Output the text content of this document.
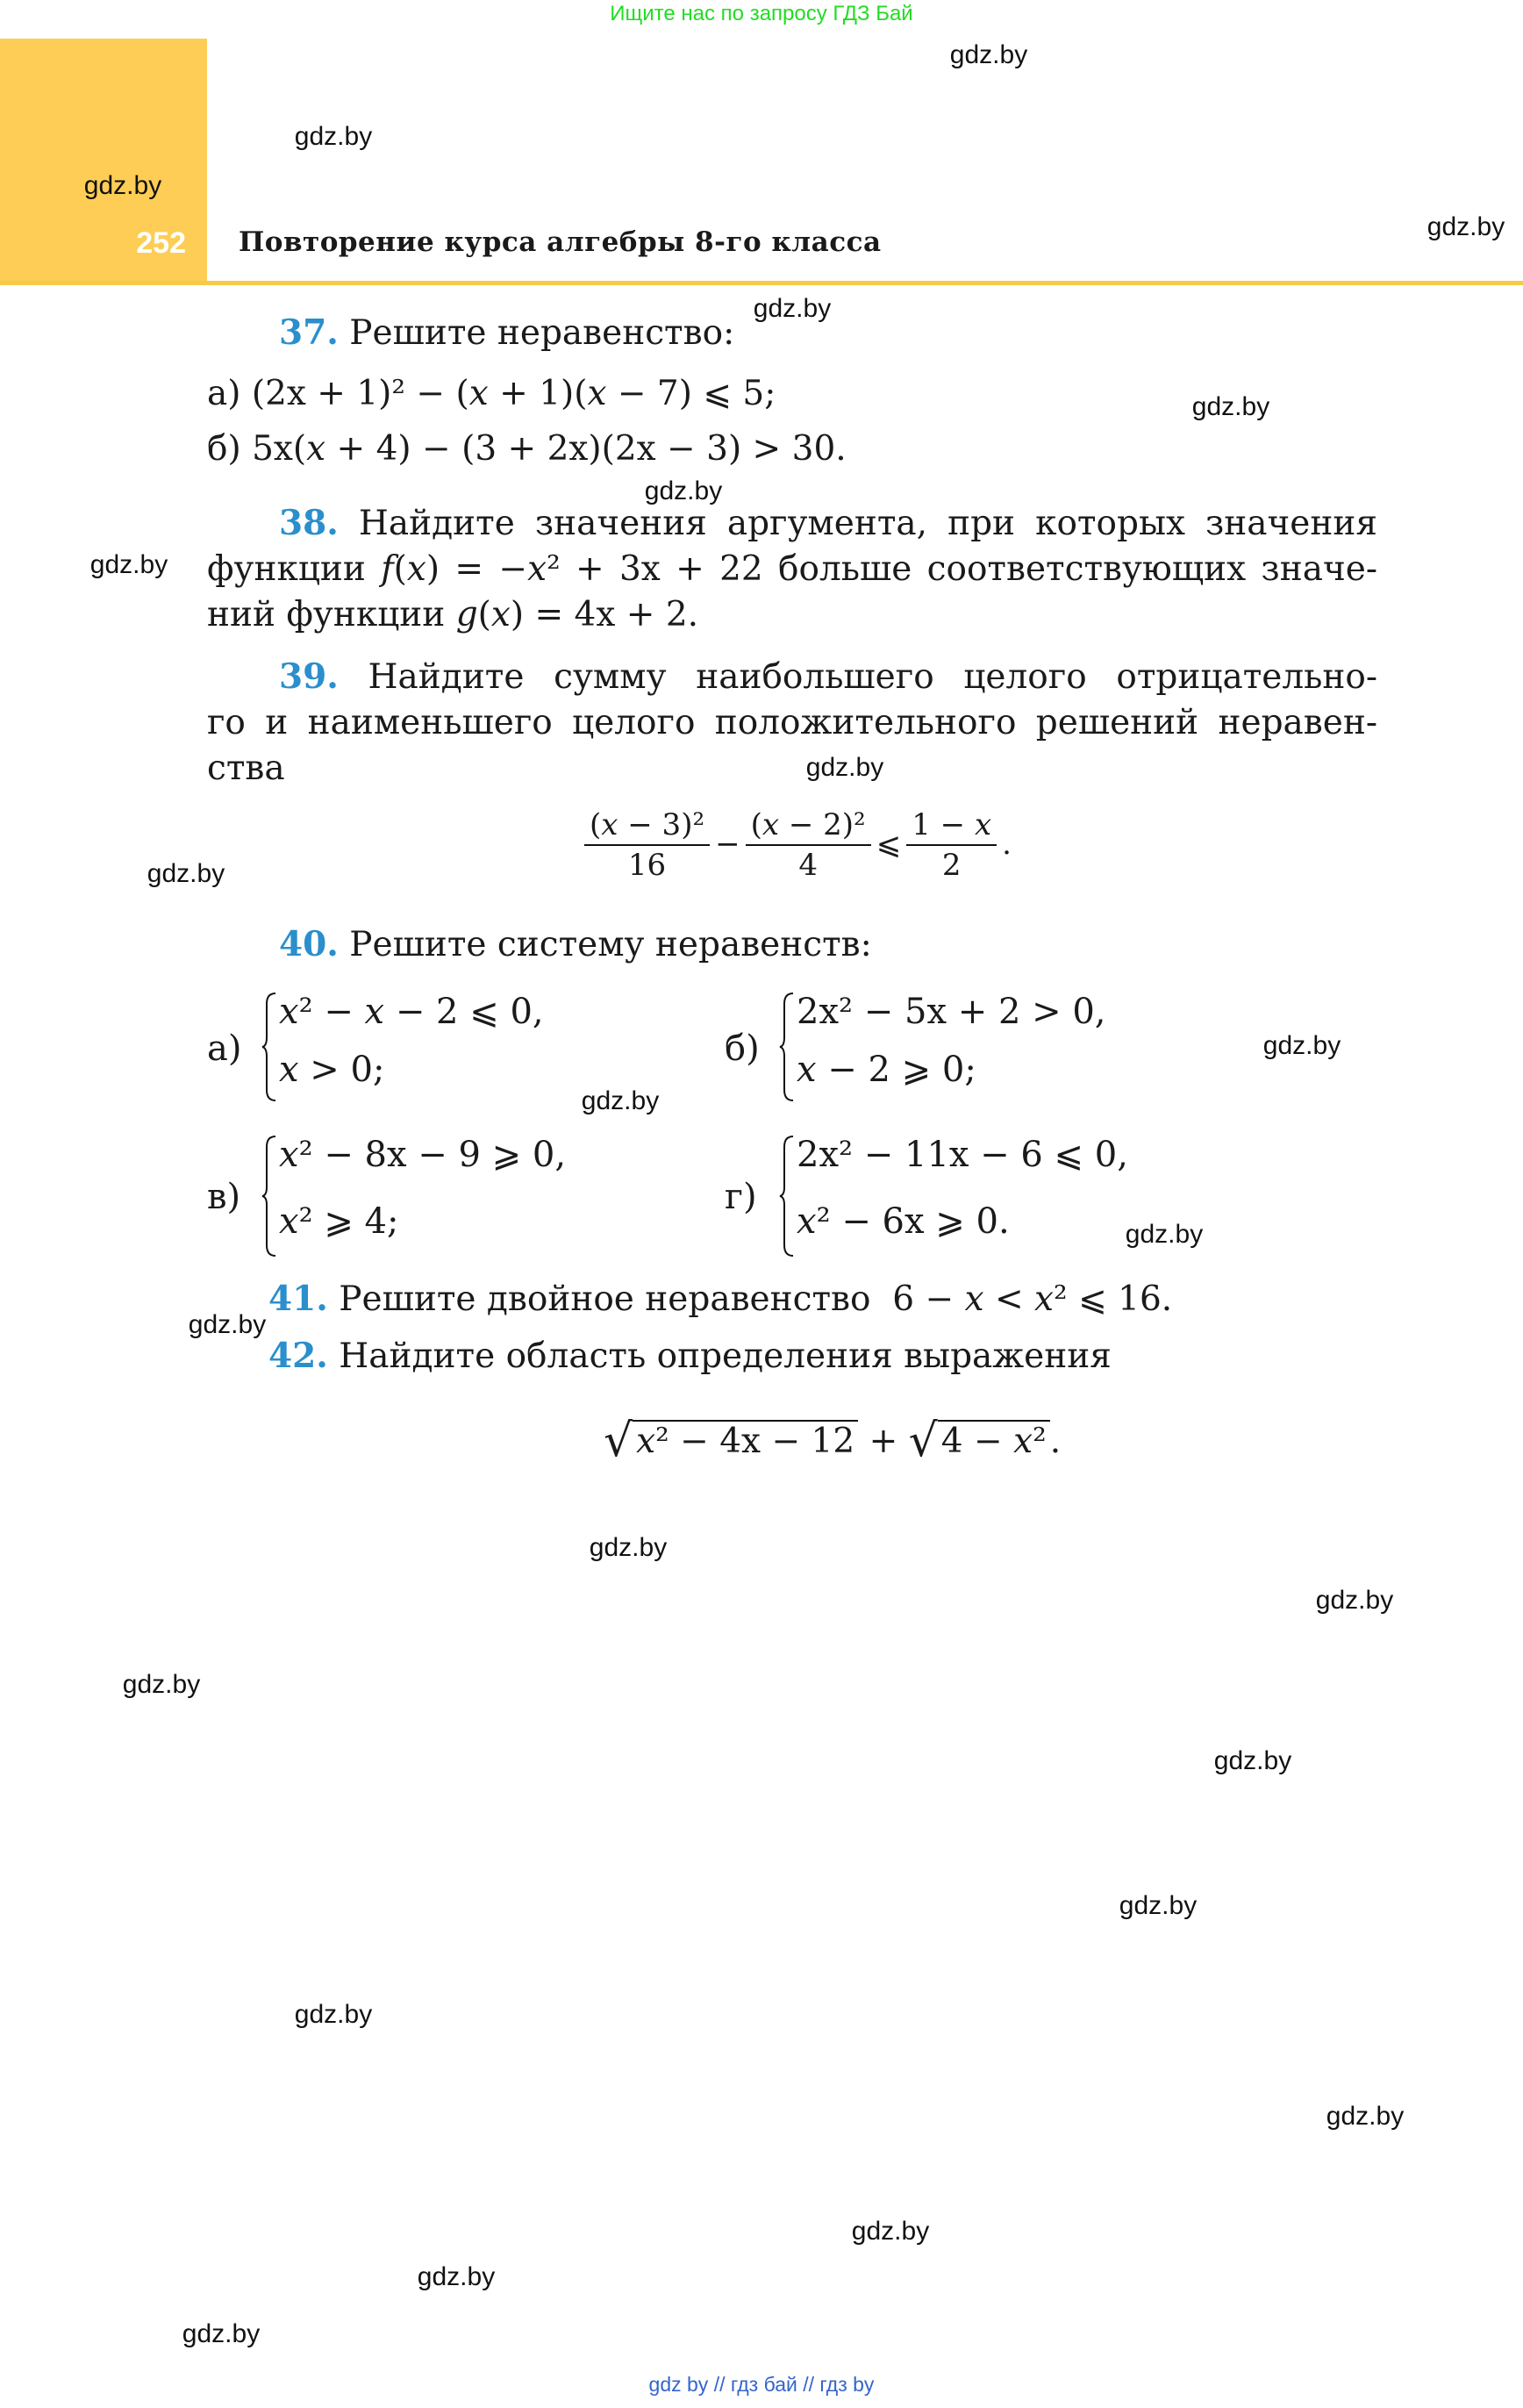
Ищите нас по запросу ГДЗ Бай
252 Повторение курса алгебры 8-го класса
37. Решите неравенство:
а) (2x + 1)² − (x + 1)(x − 7) ⩽ 5;
б) 5x(x + 4) − (3 + 2x)(2x − 3) > 30.
38. Найдите значения аргумента, при которых значения
функции f(x) = −x² + 3x + 22 больше соответствующих значе-
ний функции g(x) = 4x + 2.
39. Найдите сумму наибольшего целого отрицательно-
го и наименьшего целого положительного решений неравен-
ства
$\frac{\text{(x − 3)²}}{16} - \frac{\text{(x − 2)²}}{4}$ ⩽ $\frac{1 - x}{2}$ .
40. Решите систему неравенств:
а)
x² − x − 2 ⩽ 0,
x > 0;
б)
2x² − 5x + 2 > 0,
x − 2 ⩾ 0;
в)
x² − 8x − 9 ⩾ 0,
x² ⩾ 4;
г)
2x² − 11x − 6 ⩽ 0,
x² − 6x ⩾ 0.
41. Решите двойное неравенство 6 − x < x² ⩽ 16.
42. Найдите область определения выражения
√ x² − 4x − 12 + √ 4 − x² .
gdz.by
gdz.by
gdz.by
gdz.by
gdz.by
gdz.by
gdz.by
gdz.by
gdz.by
gdz.by
gdz.by
gdz.by
gdz.by
gdz.by
gdz.by
gdz.by
gdz.by
gdz.by
gdz.by
gdz.by
gdz.by
gdz.by
gdz.by
gdz.by
gdz by // гдз бай // гдз by
